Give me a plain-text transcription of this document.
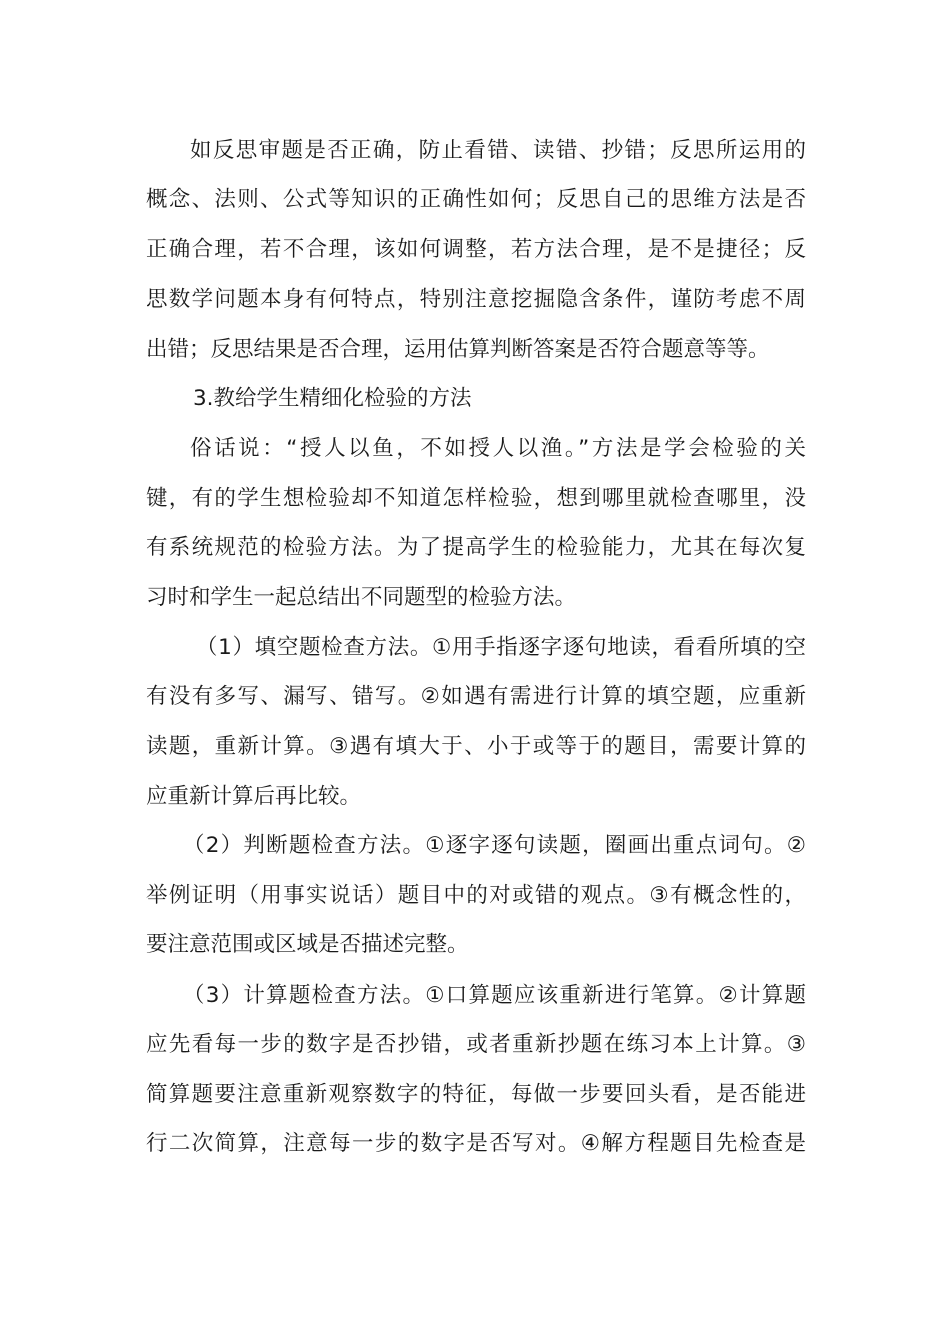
如反思审题是否正确，防止看错、读错、抄错；反思所运用的
概念、法则、公式等知识的正确性如何；反思自己的思维方法是否
正确合理，若不合理，该如何调整，若方法合理，是不是捷径；反
思数学问题本身有何特点，特别注意挖掘隐含条件，谨防考虑不周
出错；反思结果是否合理，运用估算判断答案是否符合题意等等。
3.教给学生精细化检验的方法
俗话说：“授人以鱼，不如授人以渔。”方法是学会检验的关
键，有的学生想检验却不知道怎样检验，想到哪里就检查哪里，没
有系统规范的检验方法。为了提高学生的检验能力，尤其在每次复
习时和学生一起总结出不同题型的检验方法。
（1）填空题检查方法。①用手指逐字逐句地读，看看所填的空
有没有多写、漏写、错写。②如遇有需进行计算的填空题，应重新
读题，重新计算。③遇有填大于、小于或等于的题目，需要计算的
应重新计算后再比较。
（2）判断题检查方法。①逐字逐句读题，圈画出重点词句。②
举例证明（用事实说话）题目中的对或错的观点。③有概念性的，
要注意范围或区域是否描述完整。
（3）计算题检查方法。①口算题应该重新进行笔算。②计算题
应先看每一步的数字是否抄错，或者重新抄题在练习本上计算。③
简算题要注意重新观察数字的特征，每做一步要回头看，是否能进
行二次简算，注意每一步的数字是否写对。④解方程题目先检查是
